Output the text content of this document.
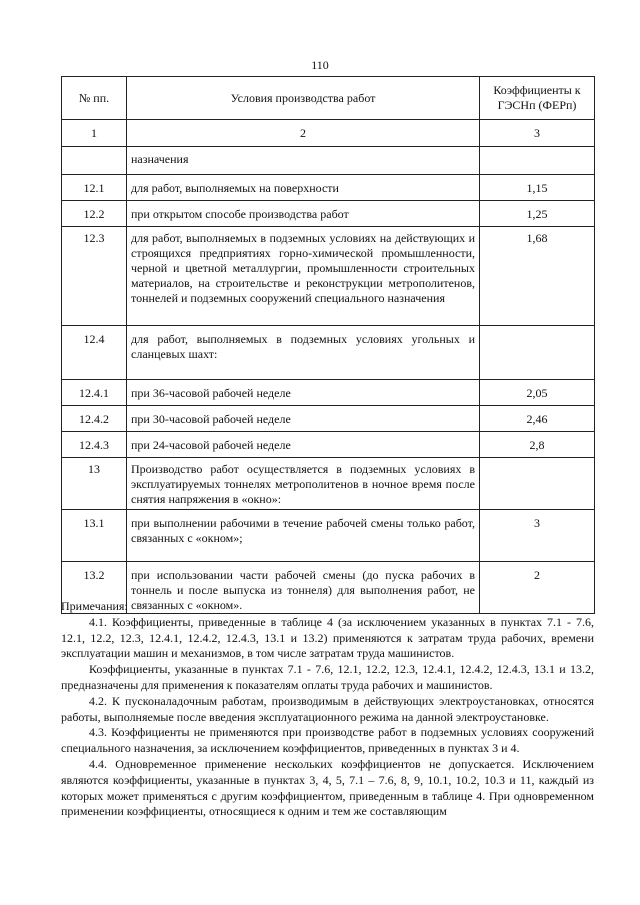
110
№ пп.	Условия производства работ	Коэффициенты к ГЭСНп (ФЕРп)
1	2	3
	назначения	
12.1	для работ, выполняемых на поверхности	1,15
12.2	при открытом способе производства работ	1,25
12.3	для работ, выполняемых в подземных условиях на действующих и строящихся предприятиях горно-химической промышленности, черной и цветной металлургии, промышленности строительных материалов, на строительстве и реконструкции метрополитенов, тоннелей и подземных сооружений специального назначения	1,68
12.4	для работ, выполняемых в подземных условиях угольных и сланцевых шахт:	
12.4.1	при 36-часовой рабочей неделе	2,05
12.4.2	при 30-часовой рабочей неделе	2,46
12.4.3	при 24-часовой рабочей неделе	2,8
13	Производство работ осуществляется в подземных условиях в эксплуатируемых тоннелях метрополитенов в ночное время после снятия напряжения в «окно»:	
13.1	при выполнении рабочими в течение рабочей смены только работ, связанных с «окном»;	3
13.2	при использовании части рабочей смены (до пуска рабочих в тоннель и после выпуска из тоннеля) для выполнения работ, не связанных с «окном».	2

Примечания:

4.1. Коэффициенты, приведенные в таблице 4 (за исключением указанных в пунктах 7.1 - 7.6, 12.1, 12.2, 12.3, 12.4.1, 12.4.2, 12.4.3, 13.1 и 13.2) применяются к затратам труда рабочих, времени эксплуатации машин и механизмов, в том числе затратам труда машинистов.

Коэффициенты, указанные в пунктах 7.1 - 7.6, 12.1, 12.2, 12.3, 12.4.1, 12.4.2, 12.4.3, 13.1 и 13.2, предназначены для применения к показателям оплаты труда рабочих и машинистов.

4.2. К пусконаладочным работам, производимым в действующих электроустановках, относятся работы, выполняемые после введения эксплуатационного режима на данной электроустановке.

4.3. Коэффициенты не применяются при производстве работ в подземных условиях сооружений специального назначения, за исключением коэффициентов, приведенных в пунктах 3 и 4.

4.4. Одновременное применение нескольких коэффициентов не допускается. Исключением являются коэффициенты, указанные в пунктах 3, 4, 5, 7.1 – 7.6, 8, 9, 10.1, 10.2, 10.3 и 11, каждый из которых может применяться с другим коэффициентом, приведенным в таблице 4. При одновременном применении коэффициенты, относящиеся к одним и тем же составляющим
